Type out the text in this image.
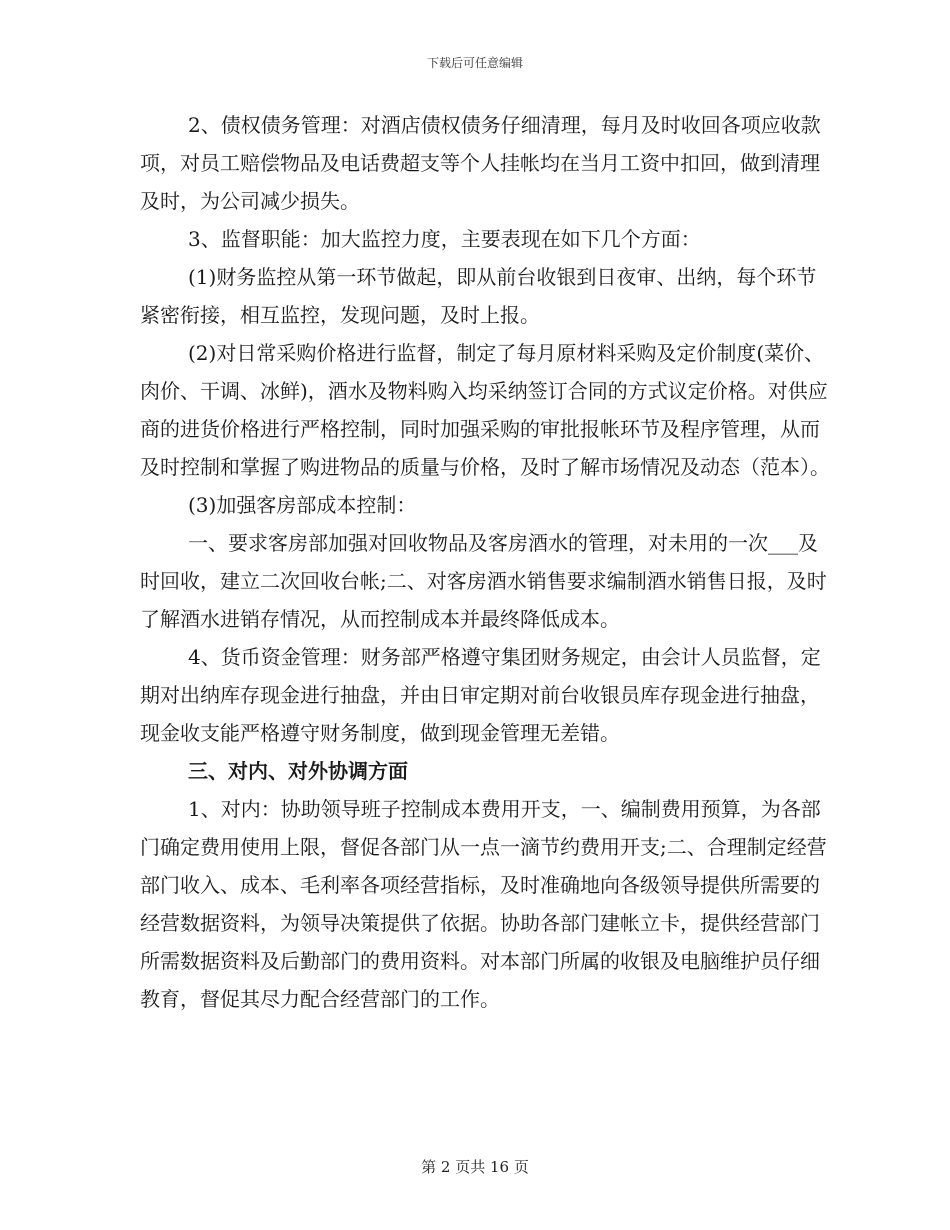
下载后可任意编辑

2、债权债务管理：对酒店债权债务仔细清理，每月及时收回各项应收款项，对员工赔偿物品及电话费超支等个人挂帐均在当月工资中扣回，做到清理及时，为公司减少损失。

3、监督职能：加大监控力度，主要表现在如下几个方面：

(1)财务监控从第一环节做起，即从前台收银到日夜审、出纳，每个环节紧密衔接，相互监控，发现问题，及时上报。

(2)对日常采购价格进行监督，制定了每月原材料采购及定价制度(菜价、肉价、干调、冰鲜)，酒水及物料购入均采纳签订合同的方式议定价格。对供应商的进货价格进行严格控制，同时加强采购的审批报帐环节及程序管理，从而及时控制和掌握了购进物品的质量与价格，及时了解市场情况及动态（范本）。

(3)加强客房部成本控制：

一、要求客房部加强对回收物品及客房酒水的管理，对未用的一次___及时回收，建立二次回收台帐;二、对客房酒水销售要求编制酒水销售日报，及时了解酒水进销存情况，从而控制成本并最终降低成本。

4、货币资金管理：财务部严格遵守集团财务规定，由会计人员监督，定期对出纳库存现金进行抽盘，并由日审定期对前台收银员库存现金进行抽盘，现金收支能严格遵守财务制度，做到现金管理无差错。

三、对内、对外协调方面

1、对内：协助领导班子控制成本费用开支，一、编制费用预算，为各部门确定费用使用上限，督促各部门从一点一滴节约费用开支;二、合理制定经营部门收入、成本、毛利率各项经营指标，及时准确地向各级领导提供所需要的经营数据资料，为领导决策提供了依据。协助各部门建帐立卡，提供经营部门所需数据资料及后勤部门的费用资料。对本部门所属的收银及电脑维护员仔细教育，督促其尽力配合经营部门的工作。

第 2 页共 16 页
